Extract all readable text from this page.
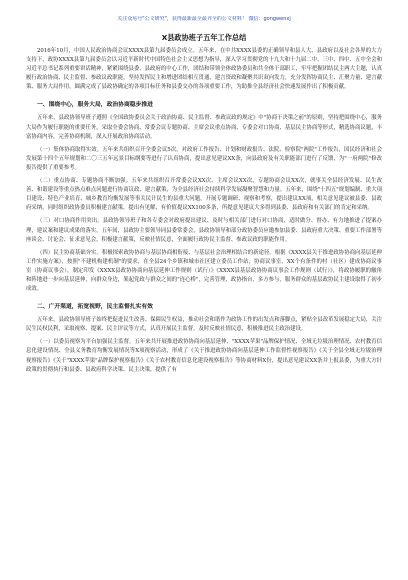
关注众易号"公文研究"，获得最新最全最齐全的公文材料！ 微信：gongwenxj
X县政协班子五年工作总结

2016年10月，中国人民政治协商会议XXXX县第九届委员会成立。五年来，在中共XXXX县委的正确领导和县人大、县政府以及社会各界的大力支持下，政协XXXX县第九届委员会以习近平新时代中国特色社会主义思想为指导，深入学习贯彻党的十九大和十九届二中、三中、四中、五中全会和习近平总书记系列重要讲话精神，紧紧围绕县委、县政府的中心工作，团结和带领全体政协委员和共全体干部职工，牢牢把握团结民主两大主题，认真履行政治协商、民主监督、参政议政职能，坚持发挥民主和增进团结相互贯通、建言资政和凝聚共识双向发力，充分发挥协商民主、汇聚力量、建言献策、服务大局作用，圆满完成了县政协确定的各项目标任务和县委交办的各项重要工作，为助推全县经济社会快速发展作出了积极贡献。

一、围绕中心，服务大局，政治协商稳步推进

五年来，县政协领导班子遵照《全国政协委员会关于政治协商、民主监督、参政议政的规定》中"协商于决策之前"的原则，坚持把围绕中心，服务大局作为履行职能的重要任务，采取全委会协商、常委会议专题协商、主席会议重点协商、专委会对口协商、基层民主协商等形式，精选协商议题，丰富协商内容，完善协商机制，深入开展政治协商活动。

（一）集体协商取得实效。五年来共组织召开全委会议5次，对政府工作报告、计划和财政报告、法院、检察院"两院"工作报告，国民经济和社会发展第十四个五年规划和二〇三五年远景目标纲要等进行了认真协商，提出意见建议XX条，向县政府及有关职能部门进行了反馈，为"一府两院"修改报告提供了重要参考。

（二）重点协商、专题协商不断加强。五年来共组织召开常委会议XX次、主席会议XX次、专题协商会议XX次，就事关全县经济发展、民生改善、和谐建设等重点热点难点问题进行协商议政、建言献策，为全县经济社会持续科学发展凝聚智慧和力量。五年来，围绕"十四五"规划编制、重大项目建设、特色产业培育、城乡教育均衡发展等事关民计民生的县重大问题，开展专题调研、视察和考察，提出建议XX项，相关意见建议被县委、县政府采纳。同时组织政协委员积极建言献策，提出有见解、有价值提议XX100多条，所提意见建议大多得到县委、县政府和有关部门的肯定和采纳。

（三）对口协商作用突出。县政协领导班子和各专委会对政府提出建议、及时与相关部门进行对口协商，适时做分、督办、有力地推进了提案办理，建议案和建议成果的落实，五年间，县政协主要领导同县委常委会，县政协领导和部分政协委员应邀参加县委、县政府重大决策、重要工作部署等座谈会、讨论会、征求意见会，积极建言献策，反映社情民意，全面履行政协民主监督、参政议政的职能作用。

（四）民主协商基础夯实。积极探索政协协商与基层协商相衔接、与基层社会治理相结合的新途径。根据《XXXX县关于推进政协协商向基层延伸工作实施方案》，按照"不建机构建机制"的要求，在全县24个乡镇和城市社区建立委员工作站，协商议事室，XX个有条件的村（社区）建成协商议事室（协商议事会），制定印发《XXXX县政协协商向基层延伸工作规则（试行）》《XXXX县基层政协协商议事会工作规则（试行）》，将政协履职的触角和阵地进一步向基层延伸，向群众身边，架起党政与群众之间的"连心桥"，完善管理，政协指台，多方参与，服务群众的基层政协民主建设取得了初步成效。

二、广开渠道，拓宽视野，民主监督扎实有效

五年来，县政协领导班子始终把促进民生改善、保障民生权益，推动社会和谐作为政协工作的出发点和落脚点，紧贴全县改革发展稳定大局，关注民生民权民利，采取视察、提案、民主评议等方式，认真开展民主监督，及时反映社情民意，积极推进民主政治建设。

（一）以委员视察为平台加强民主监督。五年来共开展推进政协协商向基层延伸、"XXXX苹果"品牌保护情况、全域无垃圾治理情况、农村教育信息化建设情况、全县义务教育均衡发展情况等X项视察活动，形成了《关于推进政协协商向基层延伸工作监督性视察报告》《关于全县全域无垃圾治理视察报告》《关于"XXXX苹果"品牌保护视察报告》《关于农村教育信息化建设视察报告》等协商材料X份，提出意见建议XX条并上报县委，为重大方针政策的贯彻执行和县委、县政府科学决策、民主决策，提供了有
